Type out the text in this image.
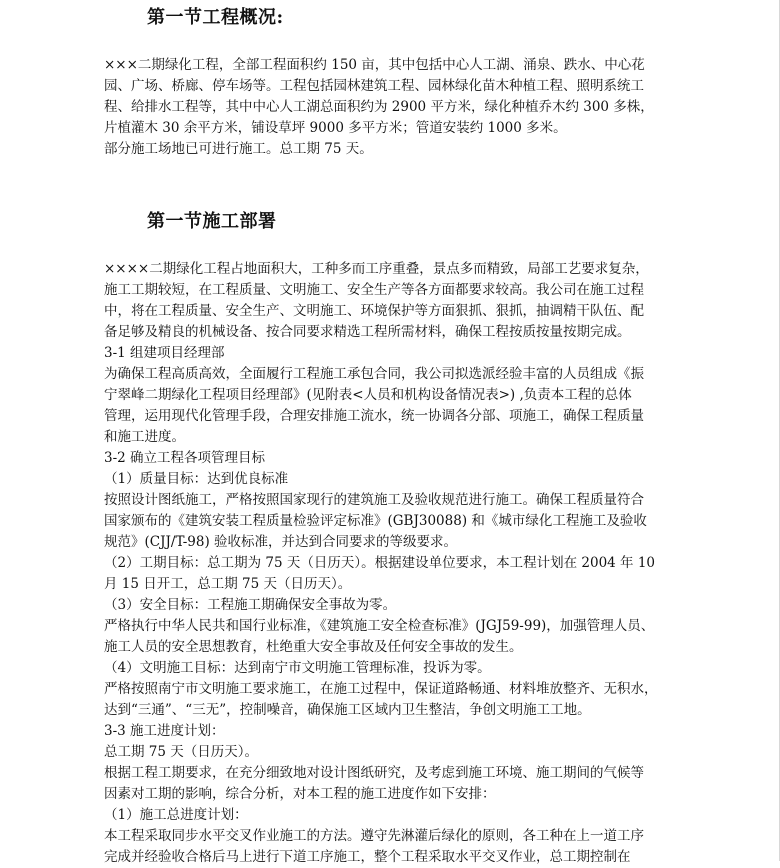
第一节工程概况:
×××二期绿化工程，全部工程面积约 150 亩，其中包括中心人工湖、涌泉、跌水、中心花
园、广场、桥廊、停车场等。工程包括园林建筑工程、园林绿化苗木种植工程、照明系统工
程、给排水工程等，其中中心人工湖总面积约为 2900 平方米，绿化种植乔木约 300 多株，
片植灌木 30 余平方米，铺设草坪 9000 多平方米；管道安装约 1000 多米。
部分施工场地已可进行施工。总工期 75 天。
第一节施工部署
××××二期绿化工程占地面积大，工种多而工序重叠，景点多而精致，局部工艺要求复杂，
施工工期较短，在工程质量、文明施工、安全生产等各方面都要求较高。我公司在施工过程
中，将在工程质量、安全生产、文明施工、环境保护等方面狠抓、狠抓，抽调精干队伍、配
备足够及精良的机械设备、按合同要求精选工程所需材料，确保工程按质按量按期完成。
3-1 组建项目经理部
为确保工程高质高效，全面履行工程施工承包合同，我公司拟选派经验丰富的人员组成《振
宁翠峰二期绿化工程项目经理部》(见附表<人员和机构设备情况表>) ,负责本工程的总体
管理，运用现代化管理手段，合理安排施工流水，统一协调各分部、项施工，确保工程质量
和施工进度。
3-2 确立工程各项管理目标
（1）质量目标：达到优良标准
按照设计图纸施工，严格按照国家现行的建筑施工及验收规范进行施工。确保工程质量符合
国家颁布的《建筑安装工程质量检验评定标准》(GBJ30088) 和《城市绿化工程施工及验收
规范》(CJJ/T-98) 验收标准，并达到合同要求的等级要求。
（2）工期目标：总工期为 75 天（日历天）。根据建设单位要求，本工程计划在 2004 年 10
月 15 日开工，总工期 75 天（日历天）。
（3）安全目标：工程施工期确保安全事故为零。
严格执行中华人民共和国行业标准，《建筑施工安全检查标准》(JGJ59-99)，加强管理人员、
施工人员的安全思想教育，杜绝重大安全事故及任何安全事故的发生。
（4）文明施工目标：达到南宁市文明施工管理标准，投诉为零。
严格按照南宁市文明施工要求施工，在施工过程中，保证道路畅通、材料堆放整齐、无积水，
达到“三通”、“三无”，控制噪音，确保施工区域内卫生整洁，争创文明施工工地。
3-3 施工进度计划：
总工期 75 天（日历天）。
根据工程工期要求，在充分细致地对设计图纸研究，及考虑到施工环境、施工期间的气候等
因素对工期的影响，综合分析，对本工程的施工进度作如下安排：
（1）施工总进度计划：
本工程采取同步水平交叉作业施工的方法。遵守先淋灌后绿化的原则，各工种在上一道工序
完成并经验收合格后马上进行下道工序施工，整个工程采取水平交叉作业，总工期控制在
